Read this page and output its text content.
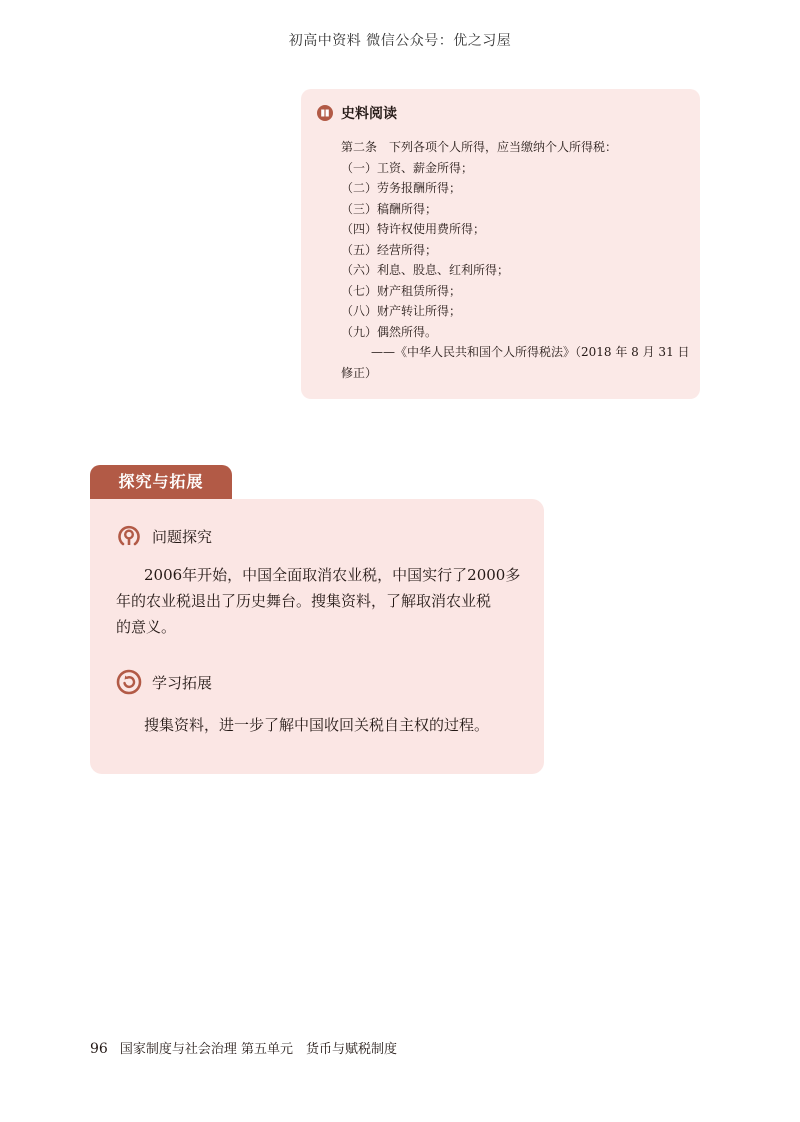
初高中资料 微信公众号：优之习屋
史料阅读
第二条　下列各项个人所得，应当缴纳个人所得税：
（一）工资、薪金所得；
（二）劳务报酬所得；
（三）稿酬所得；
（四）特许权使用费所得；
（五）经营所得；
（六）利息、股息、红利所得；
（七）财产租赁所得；
（八）财产转让所得；
（九）偶然所得。
——《中华人民共和国个人所得税法》（2018 年 8 月 31 日
修正）
探究与拓展
问题探究
2006年开始，中国全面取消农业税，中国实行了2000多
年的农业税退出了历史舞台。搜集资料，了解取消农业税
的意义。
学习拓展
搜集资料，进一步了解中国收回关税自主权的过程。
96 国家制度与社会治理 第五单元　货币与赋税制度
